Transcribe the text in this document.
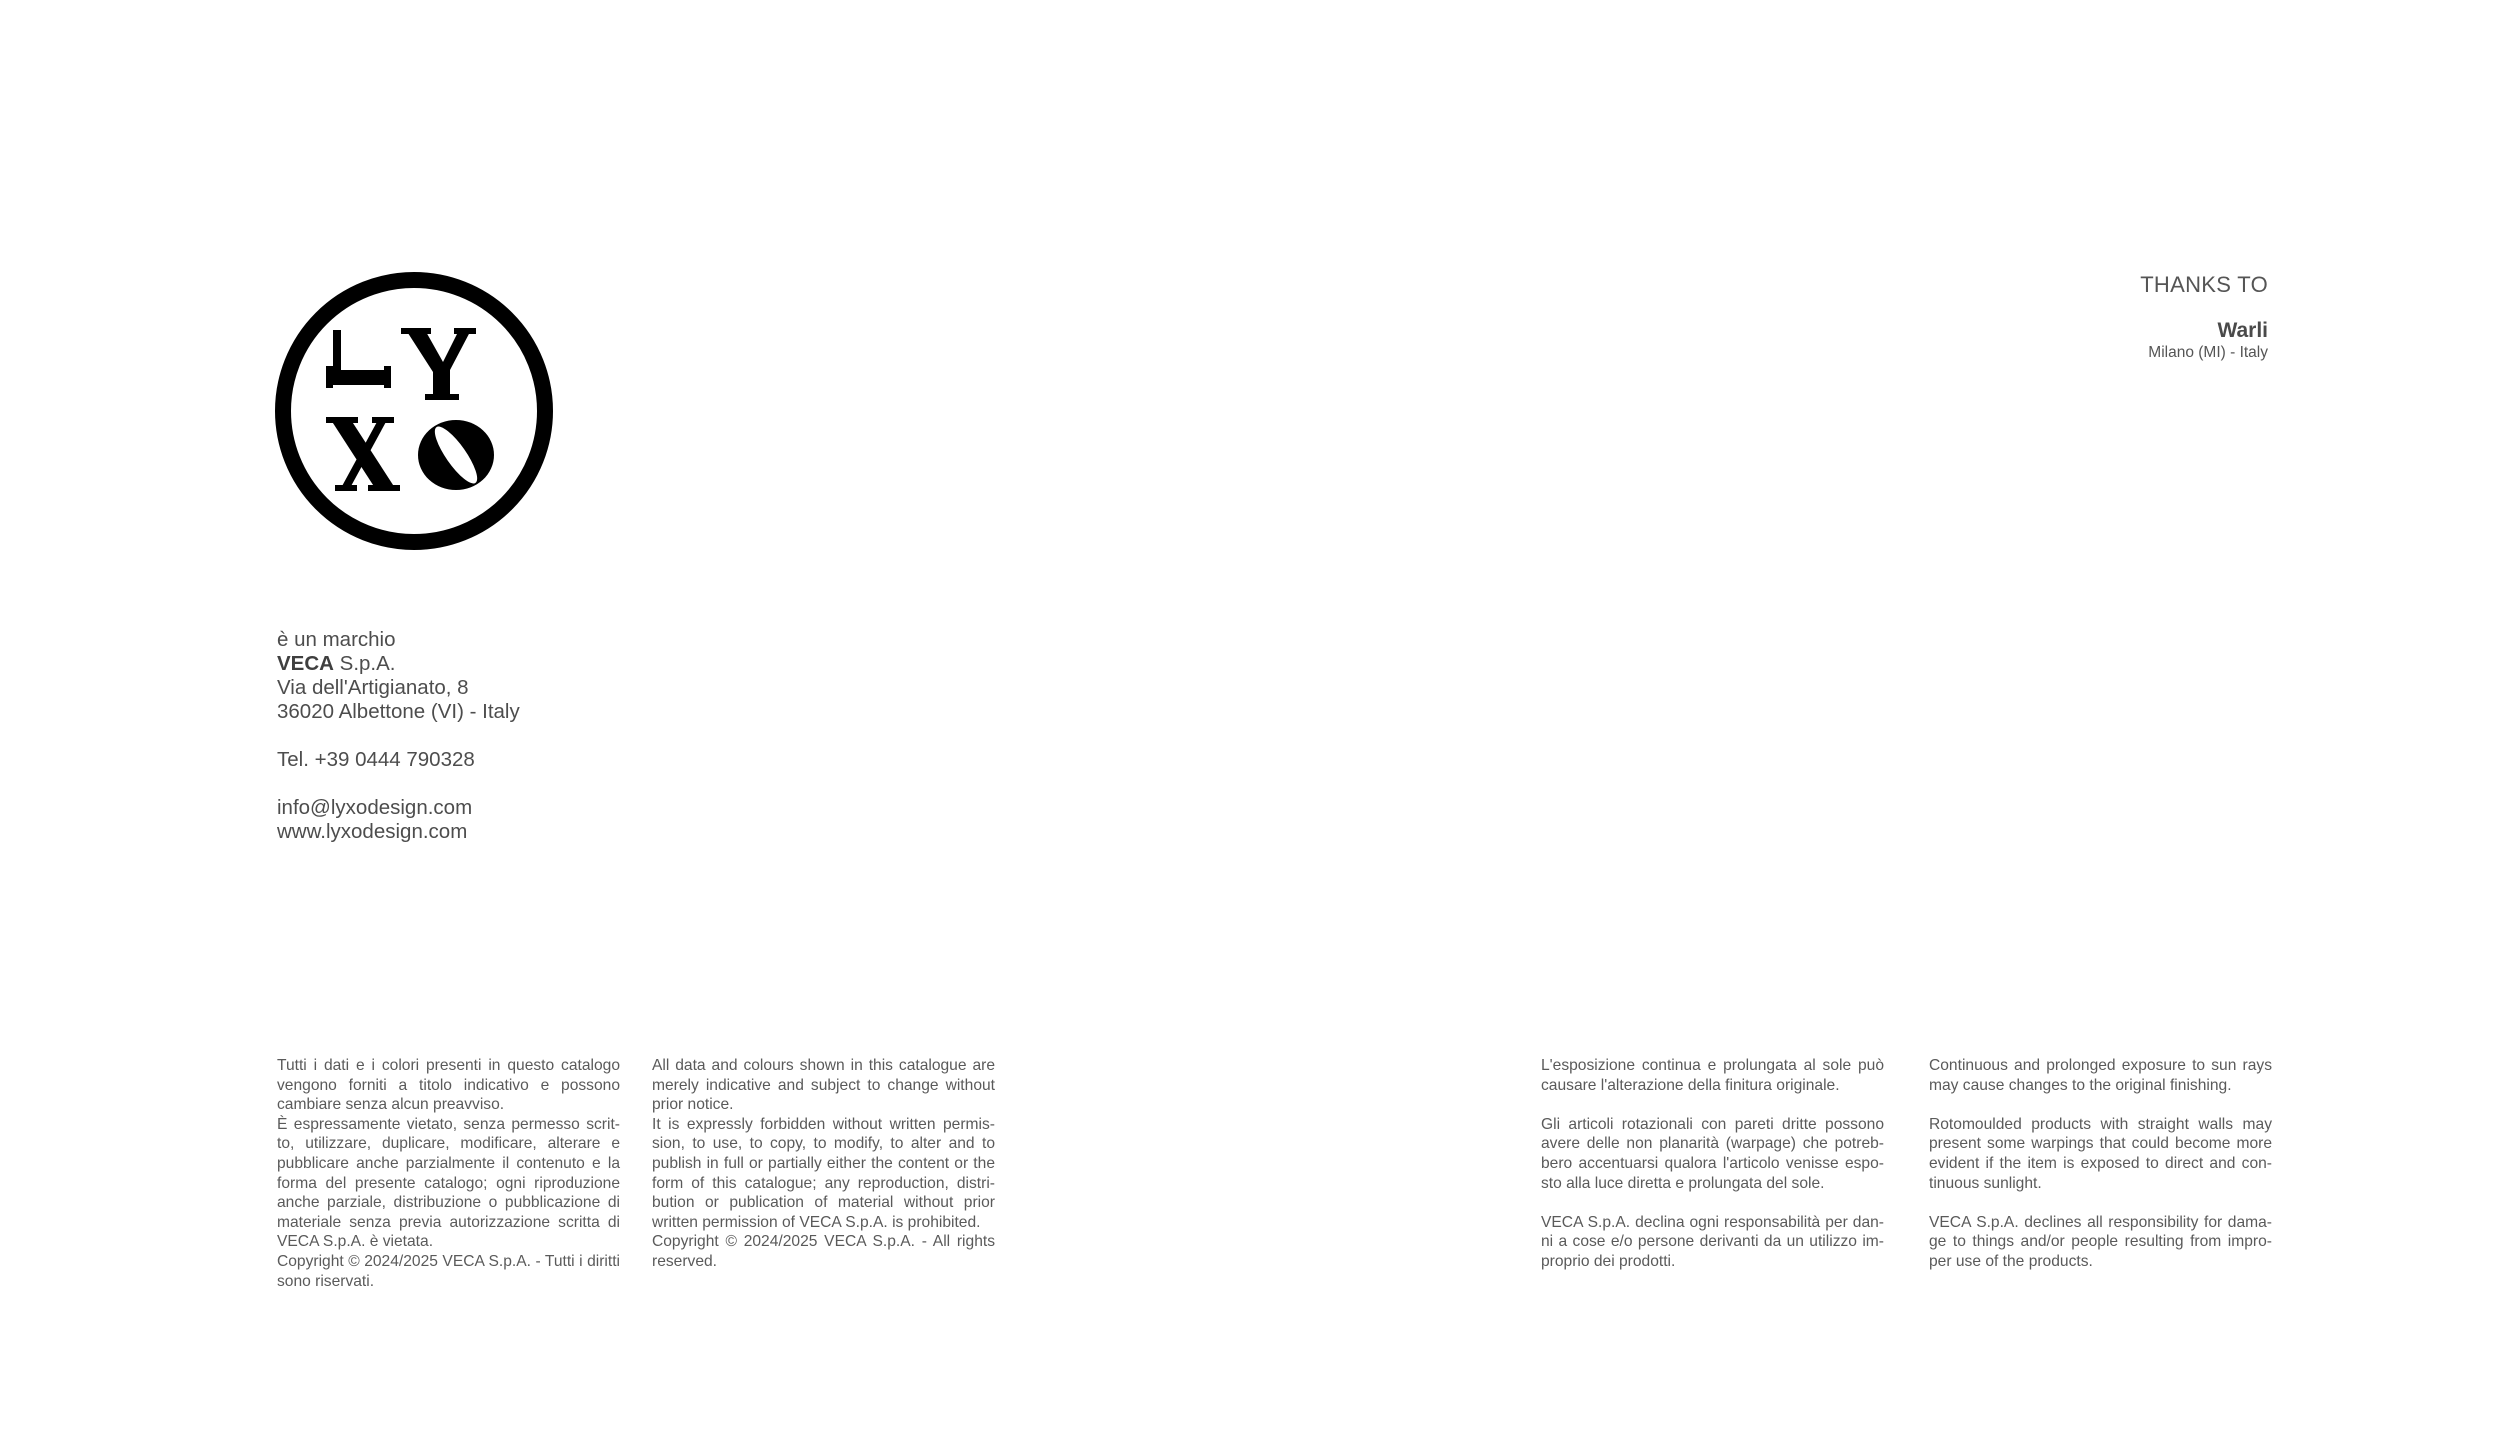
è un marchio
VECA S.p.A.
Via dell'Artigianato, 8
36020 Albettone (VI) - Italy
Tel. +39 0444 790328
info@lyxodesign.com
www.lyxodesign.com
THANKS TO
Warli
Milano (MI) - Italy
Tutti i dati e i colori presenti in questo catalogo vengono forniti a titolo indicativo e possono cambiare senza alcun preavviso.
È espressamente vietato, senza permesso scritto, utilizzare, duplicare, modificare, alterare e pubblicare anche parzialmente il contenuto e la forma del presente catalogo; ogni riproduzione anche parziale, distribuzione o pubblicazione di materiale senza previa autorizzazione scritta di VECA S.p.A. è vietata.
Copyright © 2024/2025 VECA S.p.A. - Tutti i diritti sono riservati.
All data and colours shown in this catalogue are merely indicative and subject to change without prior notice.
It is expressly forbidden without written permission, to use, to copy, to modify, to alter and to publish in full or partially either the content or the form of this catalogue; any reproduction, distribution or publication of material without prior written permission of VECA S.p.A. is prohibited.
Copyright © 2024/2025 VECA S.p.A. - All rights reserved.
L'esposizione continua e prolungata al sole può causare l'alterazione della finitura originale.
Gli articoli rotazionali con pareti dritte possono avere delle non planarità (warpage) che potrebbero accentuarsi qualora l'articolo venisse esposto alla luce diretta e prolungata del sole.
VECA S.p.A. declina ogni responsabilità per danni a cose e/o persone derivanti da un utilizzo improprio dei prodotti.
Continuous and prolonged exposure to sun rays may cause changes to the original finishing.
Rotomoulded products with straight walls may present some warpings that could become more evident if the item is exposed to direct and continuous sunlight.
VECA S.p.A. declines all responsibility for damage to things and/or people resulting from improper use of the products.
